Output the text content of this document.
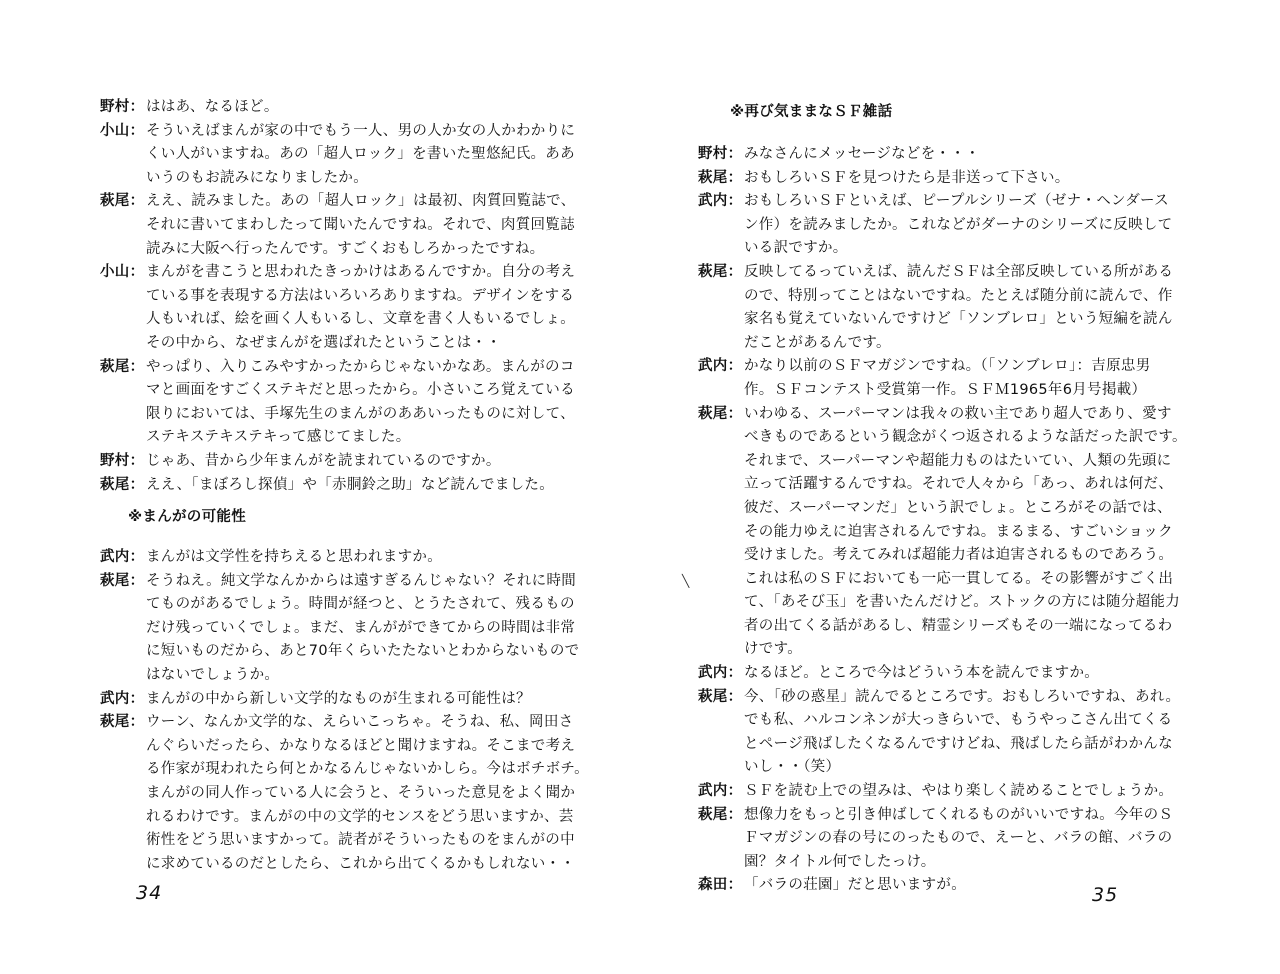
野村： ははあ、なるほど。
小山： そういえばまんが家の中でもう一人、男の人か女の人かわかりに
くい人がいますね。あの「超人ロック」を書いた聖悠紀氏。ああ
いうのもお読みになりましたか。
萩尾： ええ、読みました。あの「超人ロック」は最初、肉質回覧誌で、
それに書いてまわしたって聞いたんですね。それで、肉質回覧誌
読みに大阪へ行ったんです。すごくおもしろかったですね。
小山： まんがを書こうと思われたきっかけはあるんですか。自分の考え
ている事を表現する方法はいろいろありますね。デザインをする
人もいれば、絵を画く人もいるし、文章を書く人もいるでしょ。
その中から、なぜまんがを選ばれたということは・・
萩尾： やっぱり、入りこみやすかったからじゃないかなあ。まんがのコ
マと画面をすごくステキだと思ったから。小さいころ覚えている
限りにおいては、手塚先生のまんがのああいったものに対して、
ステキステキステキって感じてました。
野村： じゃあ、昔から少年まんがを読まれているのですか。
萩尾： ええ、「まぼろし探偵」や「赤胴鈴之助」など読んでました。
※まんがの可能性
武内： まんがは文学性を持ちえると思われますか。
萩尾： そうねえ。純文学なんかからは遠すぎるんじゃない？それに時間
てものがあるでしょう。時間が経つと、とうたされて、残るもの
だけ残っていくでしょ。まだ、まんがができてからの時間は非常
に短いものだから、あと70年くらいたたないとわからないもので
はないでしょうか。
武内： まんがの中から新しい文学的なものが生まれる可能性は？
萩尾： ウーン、なんか文学的な、えらいこっちゃ。そうね、私、岡田さ
んぐらいだったら、かなりなるほどと聞けますね。そこまで考え
る作家が現われたら何とかなるんじゃないかしら。今はボチボチ。
まんがの同人作っている人に会うと、そういった意見をよく聞か
れるわけです。まんがの中の文学的センスをどう思いますか、芸
術性をどう思いますかって。読者がそういったものをまんがの中
に求めているのだとしたら、これから出てくるかもしれない・・
34
※再び気ままなＳＦ雑話
野村： みなさんにメッセージなどを・・・
萩尾： おもしろいＳＦを見つけたら是非送って下さい。
武内： おもしろいＳＦといえば、ピープルシリーズ（ゼナ・ヘンダース
ン作）を読みましたか。これなどがダーナのシリーズに反映して
いる訳ですか。
萩尾： 反映してるっていえば、読んだＳＦは全部反映している所がある
ので、特別ってことはないですね。たとえば随分前に読んで、作
家名も覚えていないんですけど「ソンブレロ」という短編を読ん
だことがあるんです。
武内： かなり以前のＳＦマガジンですね。（「ソンブレロ」：吉原忠男
作。ＳＦコンテスト受賞第一作。ＳＦＭ1965年6月号掲載）
萩尾： いわゆる、スーパーマンは我々の救い主であり超人であり、愛す
べきものであるという観念がくつ返されるような話だった訳です。
それまで、スーパーマンや超能力ものはたいてい、人類の先頭に
立って活躍するんですね。それで人々から「あっ、あれは何だ、
彼だ、スーパーマンだ」という訳でしょ。ところがその話では、
その能力ゆえに迫害されるんですね。まるまる、すごいショック
受けました。考えてみれば超能力者は迫害されるものであろう。
これは私のＳＦにおいても一応一貫してる。その影響がすごく出
て、「あそび玉」を書いたんだけど。ストックの方には随分超能力
者の出てくる話があるし、精霊シリーズもその一端になってるわ
けです。
武内： なるほど。ところで今はどういう本を読んでますか。
萩尾： 今、「砂の惑星」読んでるところです。おもしろいですね、あれ。
でも私、ハルコンネンが大っきらいで、もうやっこさん出てくる
とページ飛ばしたくなるんですけどね、飛ばしたら話がわかんな
いし・・（笑）
武内： ＳＦを読む上での望みは、やはり楽しく読めることでしょうか。
萩尾： 想像力をもっと引き伸ばしてくれるものがいいですね。今年のＳ
Ｆマガジンの春の号にのったもので、えーと、バラの館、バラの
園？タイトル何でしたっけ。
森田： 「バラの荘園」だと思いますが。	35
╲
